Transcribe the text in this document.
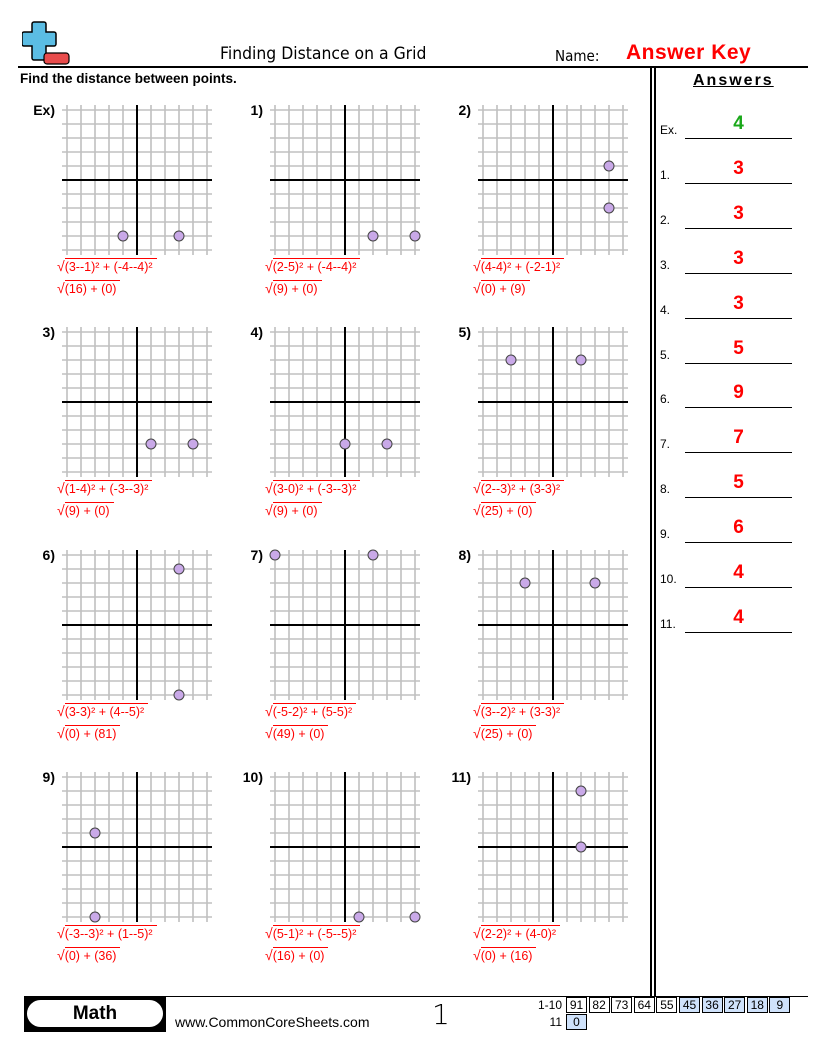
Finding Distance on a Grid	Name: Answer Key
Find the distance between points.
Ex)
√(3--1)² + (-4--4)²
√(16) + (0)
1)
√(2-5)² + (-4--4)²
√(9) + (0)
2)
√(4-4)² + (-2-1)²
√(0) + (9)
3)
√(1-4)² + (-3--3)²
√(9) + (0)
4)
√(3-0)² + (-3--3)²
√(9) + (0)
5)
√(2--3)² + (3-3)²
√(25) + (0)
6)
√(3-3)² + (4--5)²
√(0) + (81)
7)
√(-5-2)² + (5-5)²
√(49) + (0)
8)
√(3--2)² + (3-3)²
√(25) + (0)
9)
√(-3--3)² + (1--5)²
√(0) + (36)
10)
√(5-1)² + (-5--5)²
√(16) + (0)
11)
√(2-2)² + (4-0)²
√(0) + (16)
Answers
Ex.	4
1.	3
2.	3
3.	3
4.	3
5.	5
6.	9
7.	7
8.	5
9.	6
10.	4
11.	4
Math	www.CommonCoreSheets.com 1	1-10 91 82 73 64 55 45 36 27 18	9
11 0
